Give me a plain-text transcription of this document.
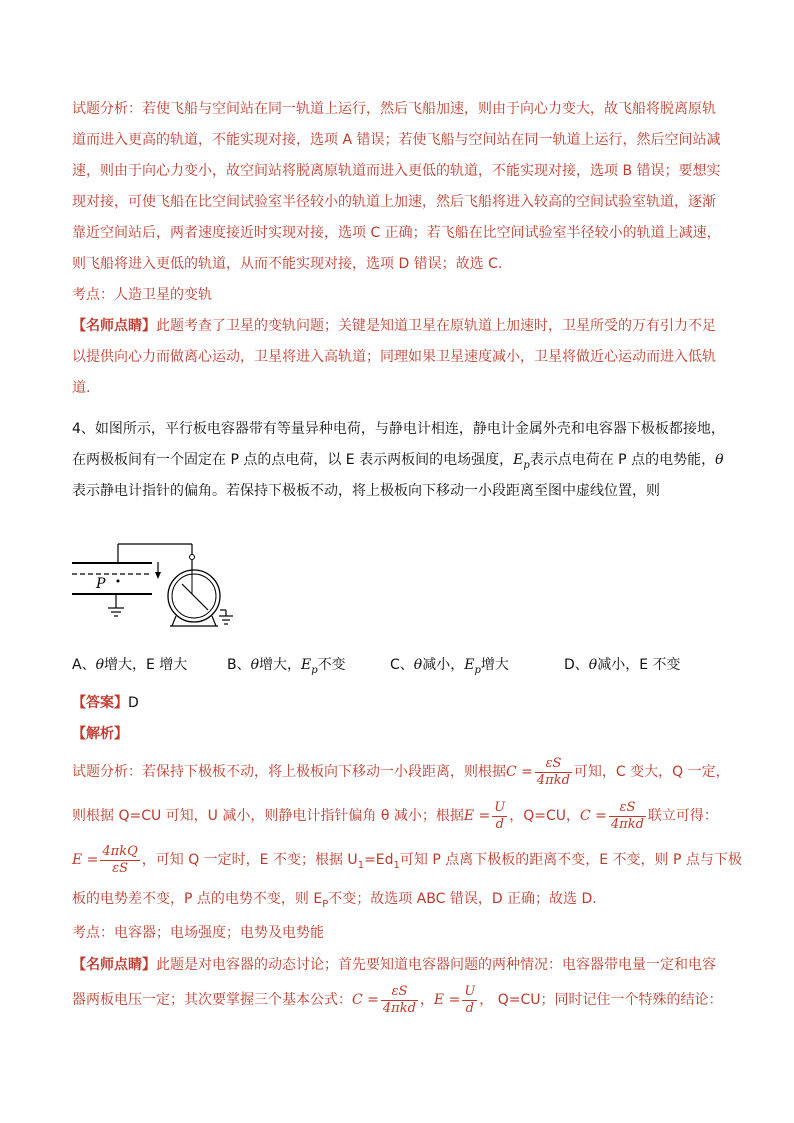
试题分析：若使飞船与空间站在同一轨道上运行，然后飞船加速，则由于向心力变大，故飞船将脱离原轨
道而进入更高的轨道，不能实现对接，选项 A 错误；若使飞船与空间站在同一轨道上运行，然后空间站减
速，则由于向心力变小，故空间站将脱离原轨道而进入更低的轨道，不能实现对接，选项 B 错误；要想实
现对接，可使飞船在比空间试验室半径较小的轨道上加速，然后飞船将进入较高的空间试验室轨道，逐渐
靠近空间站后，两者速度接近时实现对接，选项 C 正确；若飞船在比空间试验室半径较小的轨道上减速，
则飞船将进入更低的轨道，从而不能实现对接，选项 D 错误；故选 C.
考点：人造卫星的变轨
【名师点睛】此题考查了卫星的变轨问题；关键是知道卫星在原轨道上加速时，卫星所受的万有引力不足
以提供向心力而做离心运动，卫星将进入高轨道；同理如果卫星速度减小，卫星将做近心运动而进入低轨
道.
4、如图所示，平行板电容器带有等量异种电荷，与静电计相连，静电计金属外壳和电容器下极板都接地，
在两极板间有一个固定在 P 点的点电荷，以 E 表示两板间的电场强度，$E_p$表示点电荷在 P 点的电势能，θ
表示静电计指针的偏角。若保持下极板不动，将上极板向下移动一小段距离至图中虚线位置，则
P
A、θ增大，E 增大	B、θ增大，$E_p$不变	C、θ减小，$E_p$增大	D、θ减小，E 不变
【答案】D
【解析】
试题分析：若保持下极板不动，将上极板向下移动一小段距离，则根据$C = \frac{\varepsilon S}{\text{4πkd}}$ 可知，C 变大，Q 一定，
则根据 Q=CU 可知，U 减小，则静电计指针偏角 θ 减小；根据$E = \frac{U}{d}$ ，Q=CU，$C = \frac{\varepsilon S}{\text{4πkd}}$ 联立可得：
$E = \frac{\text{4πkQ}}{\varepsilon S}$ ，可知 Q 一定时，E 不变；根据 $U_1=Ed_1$可知 P 点离下极板的距离不变，E 不变，则 P 点与下极
板的电势差不变，P 点的电势不变，则 $E_P$不变；故选项 ABC 错误，D 正确；故选 D.
考点：电容器；电场强度；电势及电势能
【名师点睛】此题是对电容器的动态讨论；首先要知道电容器问题的两种情况：电容器带电量一定和电容
器两板电压一定；其次要掌握三个基本公式：$C = \frac{\varepsilon S}{\text{4πkd}}$ ，$E = \frac{U}{d}$ ， Q=CU；同时记住一个特殊的结论：
